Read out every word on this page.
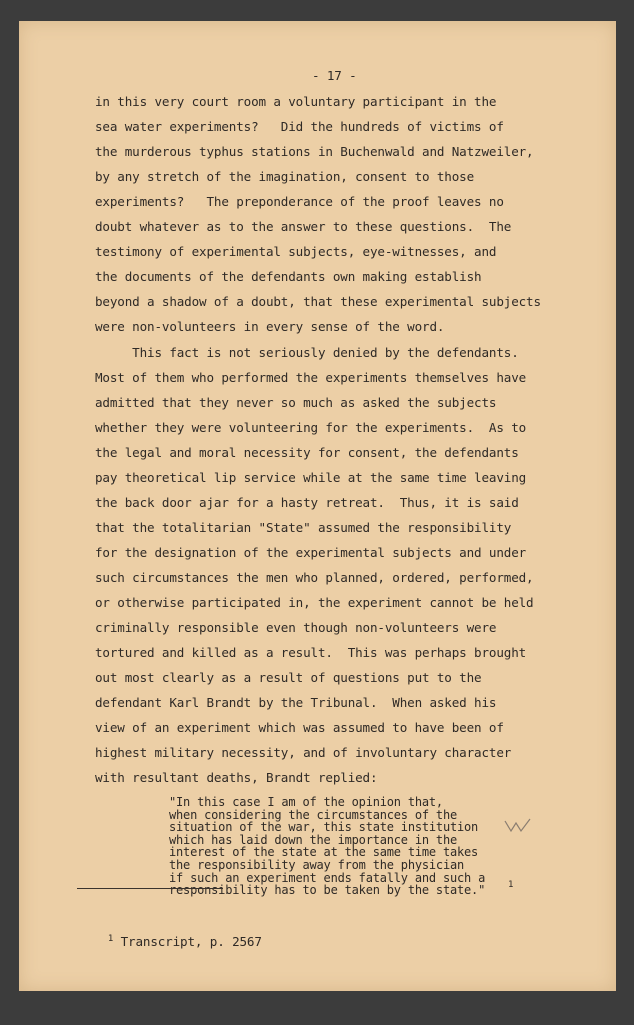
- 17 -
in this very court room a voluntary participant in the
sea water experiments?   Did the hundreds of victims of
the murderous typhus stations in Buchenwald and Natzweiler,
by any stretch of the imagination, consent to those
experiments?   The preponderance of the proof leaves no
doubt whatever as to the answer to these questions.  The
testimony of experimental subjects, eye-witnesses, and
the documents of the defendants own making establish
beyond a shadow of a doubt, that these experimental subjects
were non-volunteers in every sense of the word.
This fact is not seriously denied by the defendants.
Most of them who performed the experiments themselves have
admitted that they never so much as asked the subjects
whether they were volunteering for the experiments.  As to
the legal and moral necessity for consent, the defendants
pay theoretical lip service while at the same time leaving
the back door ajar for a hasty retreat.  Thus, it is said
that the totalitarian "State" assumed the responsibility
for the designation of the experimental subjects and under
such circumstances the men who planned, ordered, performed,
or otherwise participated in, the experiment cannot be held
criminally responsible even though non-volunteers were
tortured and killed as a result.  This was perhaps brought
out most clearly as a result of questions put to the
defendant Karl Brandt by the Tribunal.  When asked his
view of an experiment which was assumed to have been of
highest military necessity, and of involuntary character
with resultant deaths, Brandt replied:
"In this case I am of the opinion that,
when considering the circumstances of the
situation of the war, this state institution
which has laid down the importance in the
interest of the state at the same time takes
the responsibility away from the physician
if such an experiment ends fatally and such a
responsibility has to be taken by the state."	1

$^1$ Transcript, p. 2567
